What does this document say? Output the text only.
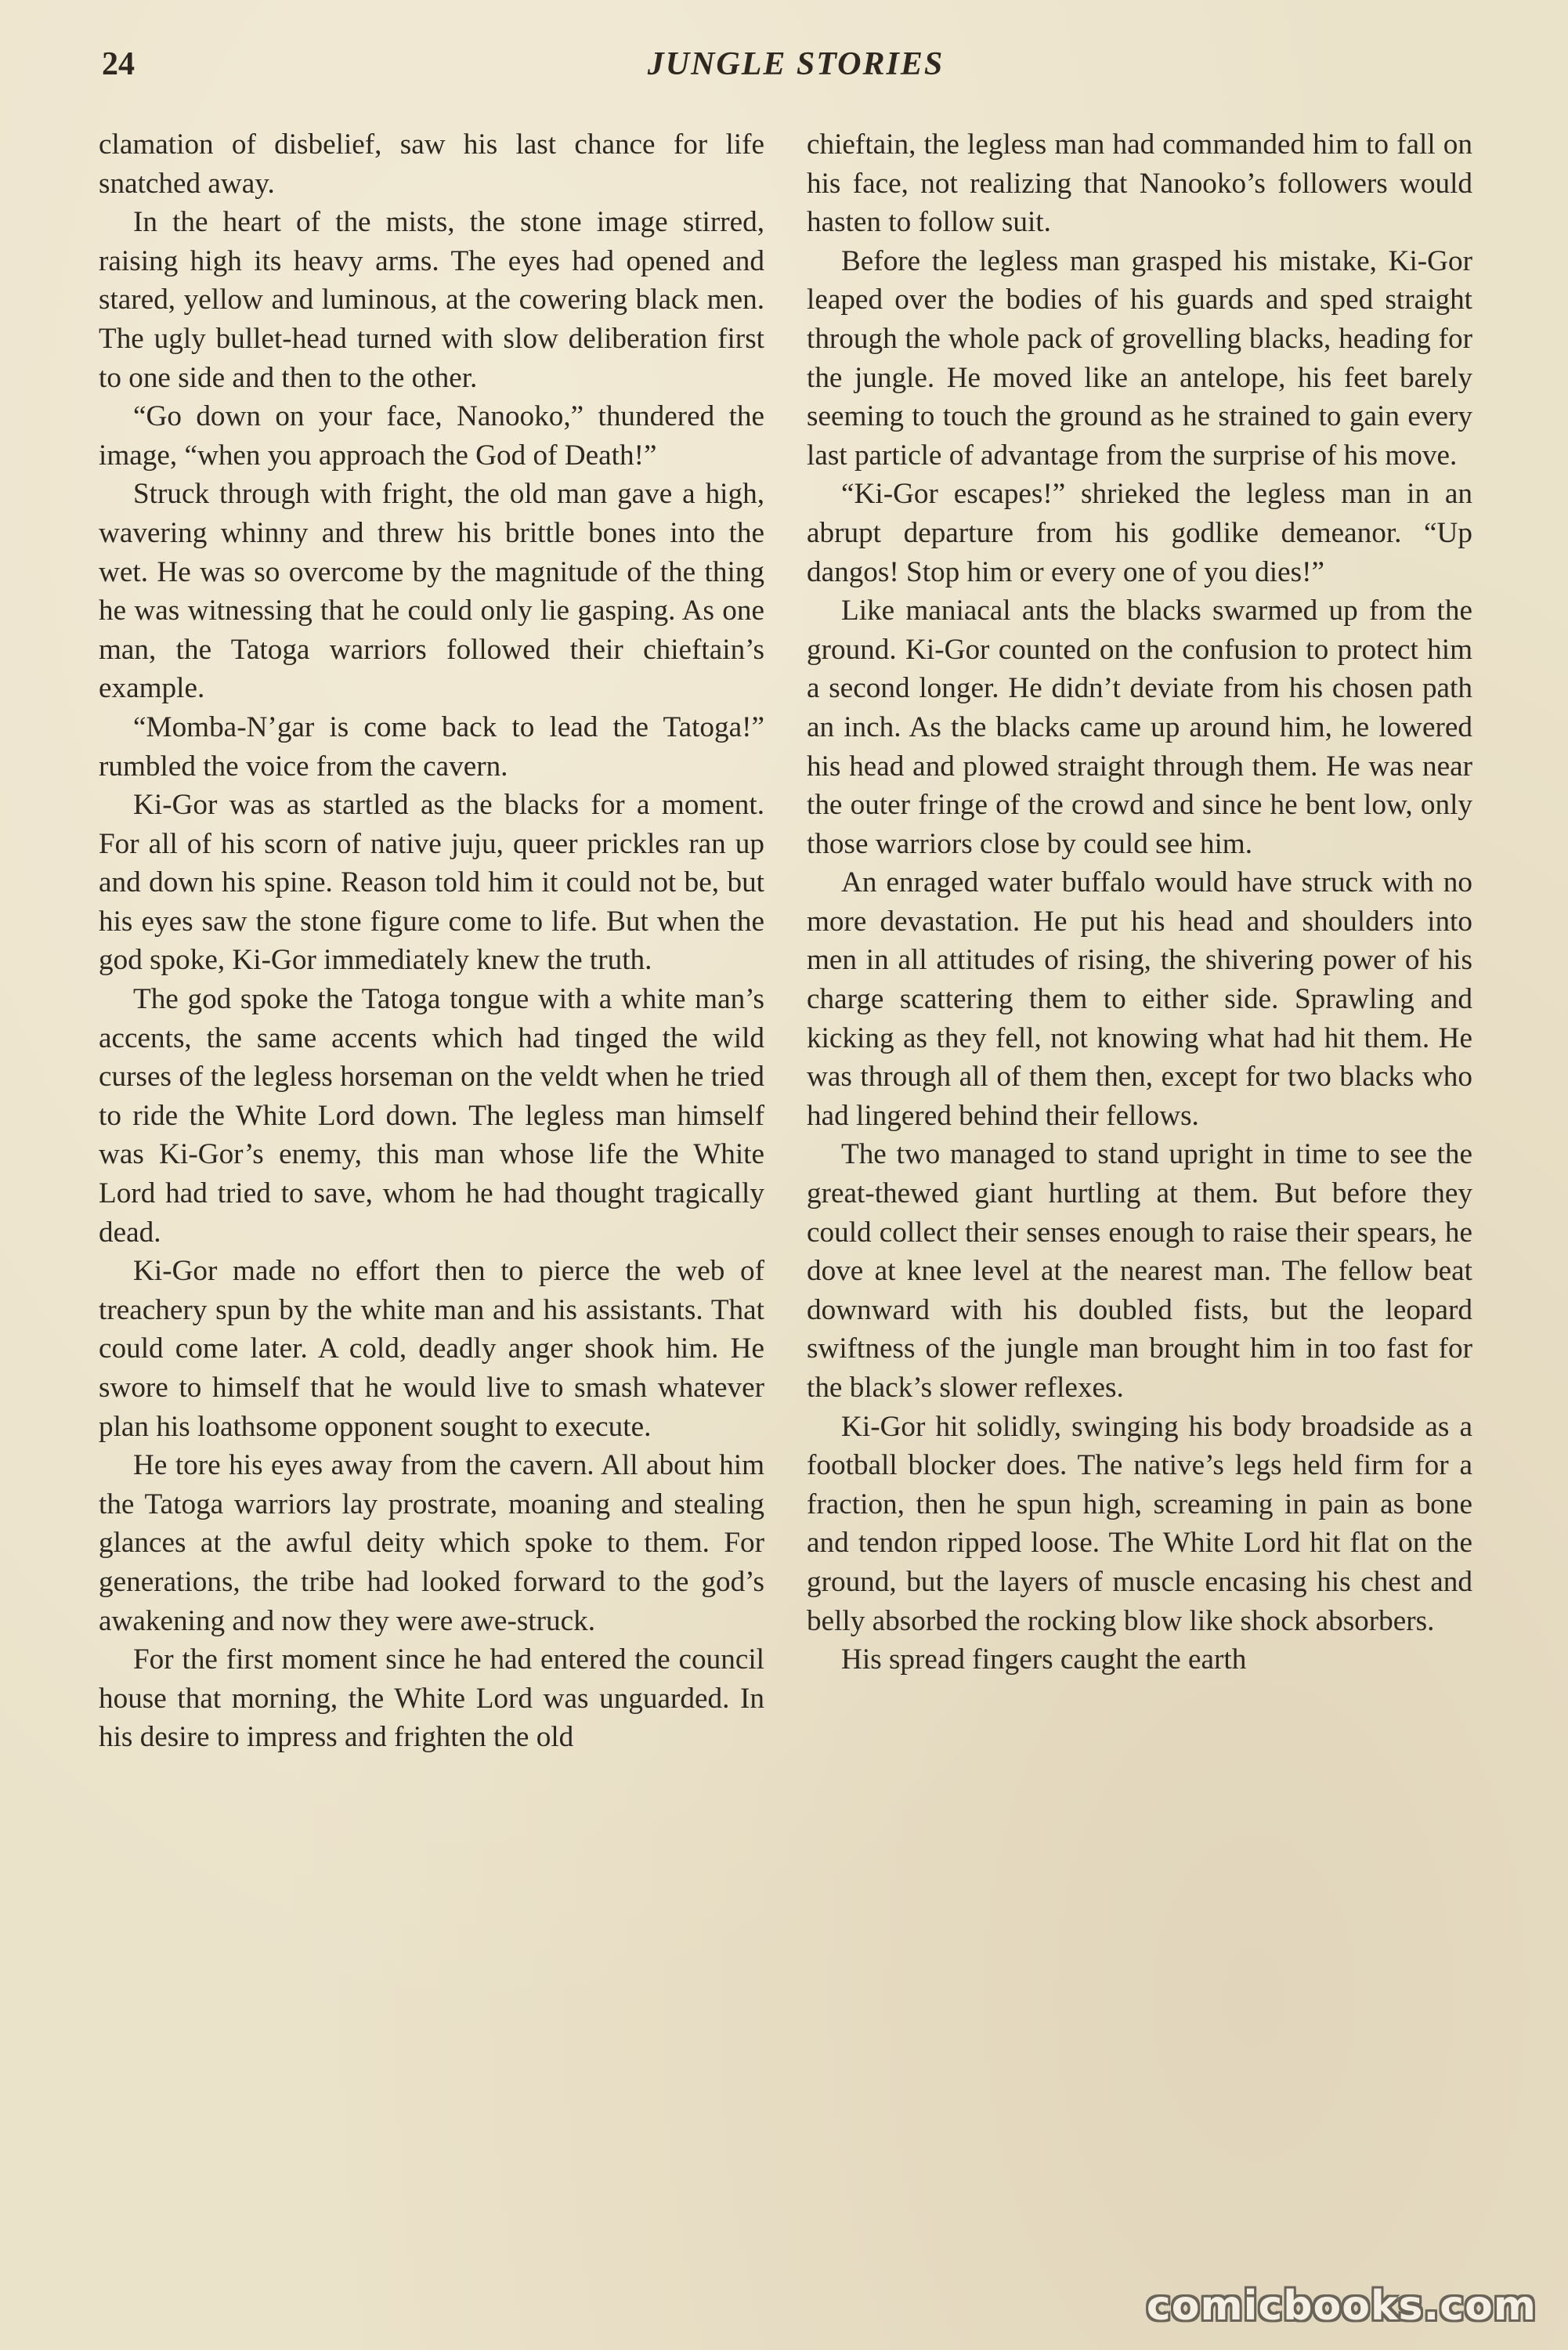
24	JUNGLE STORIES

clamation of disbelief, saw his last chance for life snatched away.

In the heart of the mists, the stone image stirred, raising high its heavy arms. The eyes had opened and stared, yellow and luminous, at the cowering black men. The ugly bullet-head turned with slow deliberation first to one side and then to the other.

“Go down on your face, Nanooko,” thundered the image, “when you approach the God of Death!”

Struck through with fright, the old man gave a high, wavering whinny and threw his brittle bones into the wet. He was so overcome by the magnitude of the thing he was witnessing that he could only lie gasping. As one man, the Tatoga warriors followed their chieftain’s example.

“Momba-N’gar is come back to lead the Tatoga!” rumbled the voice from the cavern.

Ki-Gor was as startled as the blacks for a moment. For all of his scorn of native juju, queer prickles ran up and down his spine. Reason told him it could not be, but his eyes saw the stone figure come to life. But when the god spoke, Ki-Gor immediately knew the truth.

The god spoke the Tatoga tongue with a white man’s accents, the same accents which had tinged the wild curses of the legless horseman on the veldt when he tried to ride the White Lord down. The legless man himself was Ki-Gor’s enemy, this man whose life the White Lord had tried to save, whom he had thought tragically dead.

Ki-Gor made no effort then to pierce the web of treachery spun by the white man and his assistants. That could come later. A cold, deadly anger shook him. He swore to himself that he would live to smash whatever plan his loathsome opponent sought to execute.

He tore his eyes away from the cavern. All about him the Tatoga warriors lay prostrate, moaning and stealing glances at the awful deity which spoke to them. For generations, the tribe had looked forward to the god’s awakening and now they were awe-struck.

For the first moment since he had entered the council house that morning, the White Lord was unguarded. In his desire to impress and frighten the old

chieftain, the legless man had commanded him to fall on his face, not realizing that Nanooko’s followers would hasten to follow suit.

Before the legless man grasped his mistake, Ki-Gor leaped over the bodies of his guards and sped straight through the whole pack of grovelling blacks, heading for the jungle. He moved like an antelope, his feet barely seeming to touch the ground as he strained to gain every last particle of advantage from the surprise of his move.

“Ki-Gor escapes!” shrieked the legless man in an abrupt departure from his godlike demeanor. “Up dangos! Stop him or every one of you dies!”

Like maniacal ants the blacks swarmed up from the ground. Ki-Gor counted on the confusion to protect him a second longer. He didn’t deviate from his chosen path an inch. As the blacks came up around him, he lowered his head and plowed straight through them. He was near the outer fringe of the crowd and since he bent low, only those warriors close by could see him.

An enraged water buffalo would have struck with no more devastation. He put his head and shoulders into men in all attitudes of rising, the shivering power of his charge scattering them to either side. Sprawling and kicking as they fell, not knowing what had hit them. He was through all of them then, except for two blacks who had lingered behind their fellows.

The two managed to stand upright in time to see the great-thewed giant hurtling at them. But before they could collect their senses enough to raise their spears, he dove at knee level at the nearest man. The fellow beat downward with his doubled fists, but the leopard swiftness of the jungle man brought him in too fast for the black’s slower reflexes.

Ki-Gor hit solidly, swinging his body broadside as a football blocker does. The native’s legs held firm for a fraction, then he spun high, screaming in pain as bone and tendon ripped loose. The White Lord hit flat on the ground, but the layers of muscle encasing his chest and belly absorbed the rocking blow like shock absorbers.

His spread fingers caught the earth

comicbooks.com
